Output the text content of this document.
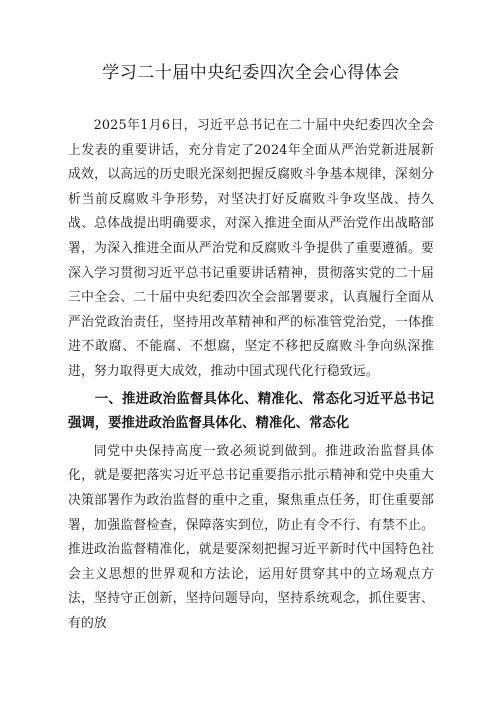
学习二十届中央纪委四次全会心得体会

2025年1月6日，习近平总书记在二十届中央纪委四次全会上发表的重要讲话，充分肯定了2024年全面从严治党新进展新成效，以高远的历史眼光深刻把握反腐败斗争基本规律，深刻分析当前反腐败斗争形势，对坚决打好反腐败斗争攻坚战、持久战、总体战提出明确要求，对深入推进全面从严治党作出战略部署，为深入推进全面从严治党和反腐败斗争提供了重要遵循。要深入学习贯彻习近平总书记重要讲话精神，贯彻落实党的二十届三中全会、二十届中央纪委四次全会部署要求，认真履行全面从严治党政治责任，坚持用改革精神和严的标准管党治党，一体推进不敢腐、不能腐、不想腐，坚定不移把反腐败斗争向纵深推进，努力取得更大成效，推动中国式现代化行稳致远。

一、推进政治监督具体化、精准化、常态化习近平总书记强调，要推进政治监督具体化、精准化、常态化

同党中央保持高度一致必须说到做到。推进政治监督具体化，就是要把落实习近平总书记重要指示批示精神和党中央重大决策部署作为政治监督的重中之重，聚焦重点任务，盯住重要部署，加强监督检查，保障落实到位，防止有令不行、有禁不止。推进政治监督精准化，就是要深刻把握习近平新时代中国特色社会主义思想的世界观和方法论，运用好贯穿其中的立场观点方法，坚持守正创新，坚持问题导向，坚持系统观念，抓住要害、有的放
